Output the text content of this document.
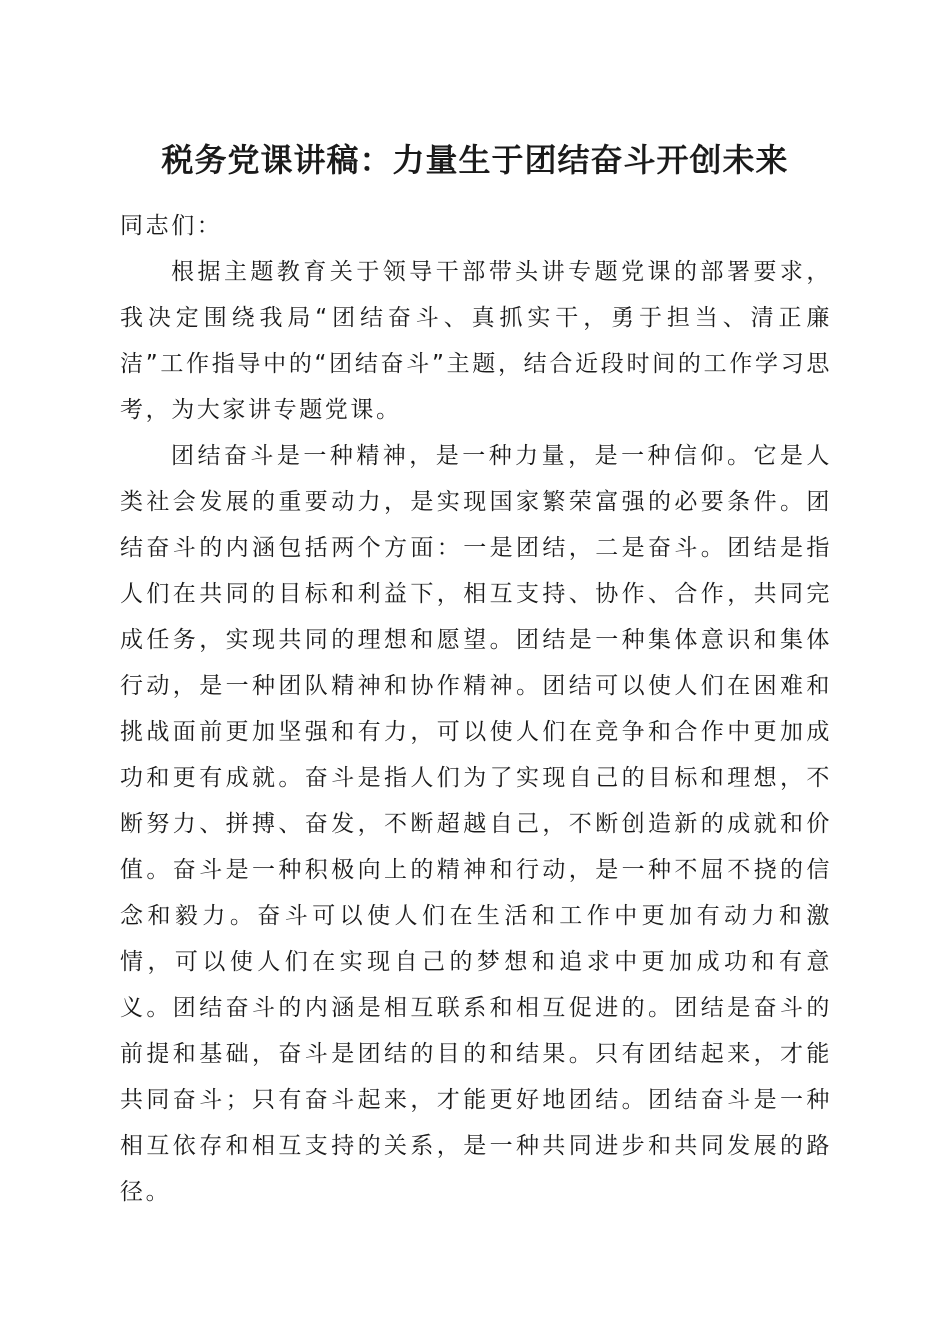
税务党课讲稿：力量生于团结奋斗开创未来

同志们：

根据主题教育关于领导干部带头讲专题党课的部署要求，我决定围绕我局“团结奋斗、真抓实干，勇于担当、清正廉洁”工作指导中的“团结奋斗”主题，结合近段时间的工作学习思考，为大家讲专题党课。

团结奋斗是一种精神，是一种力量，是一种信仰。它是人类社会发展的重要动力，是实现国家繁荣富强的必要条件。团结奋斗的内涵包括两个方面：一是团结，二是奋斗。团结是指人们在共同的目标和利益下，相互支持、协作、合作，共同完成任务，实现共同的理想和愿望。团结是一种集体意识和集体行动，是一种团队精神和协作精神。团结可以使人们在困难和挑战面前更加坚强和有力，可以使人们在竞争和合作中更加成功和更有成就。奋斗是指人们为了实现自己的目标和理想，不断努力、拼搏、奋发，不断超越自己，不断创造新的成就和价值。奋斗是一种积极向上的精神和行动，是一种不屈不挠的信念和毅力。奋斗可以使人们在生活和工作中更加有动力和激情，可以使人们在实现自己的梦想和追求中更加成功和有意义。团结奋斗的内涵是相互联系和相互促进的。团结是奋斗的前提和基础，奋斗是团结的目的和结果。只有团结起来，才能共同奋斗；只有奋斗起来，才能更好地团结。团结奋斗是一种相互依存和相互支持的关系，是一种共同进步和共同发展的路径。
